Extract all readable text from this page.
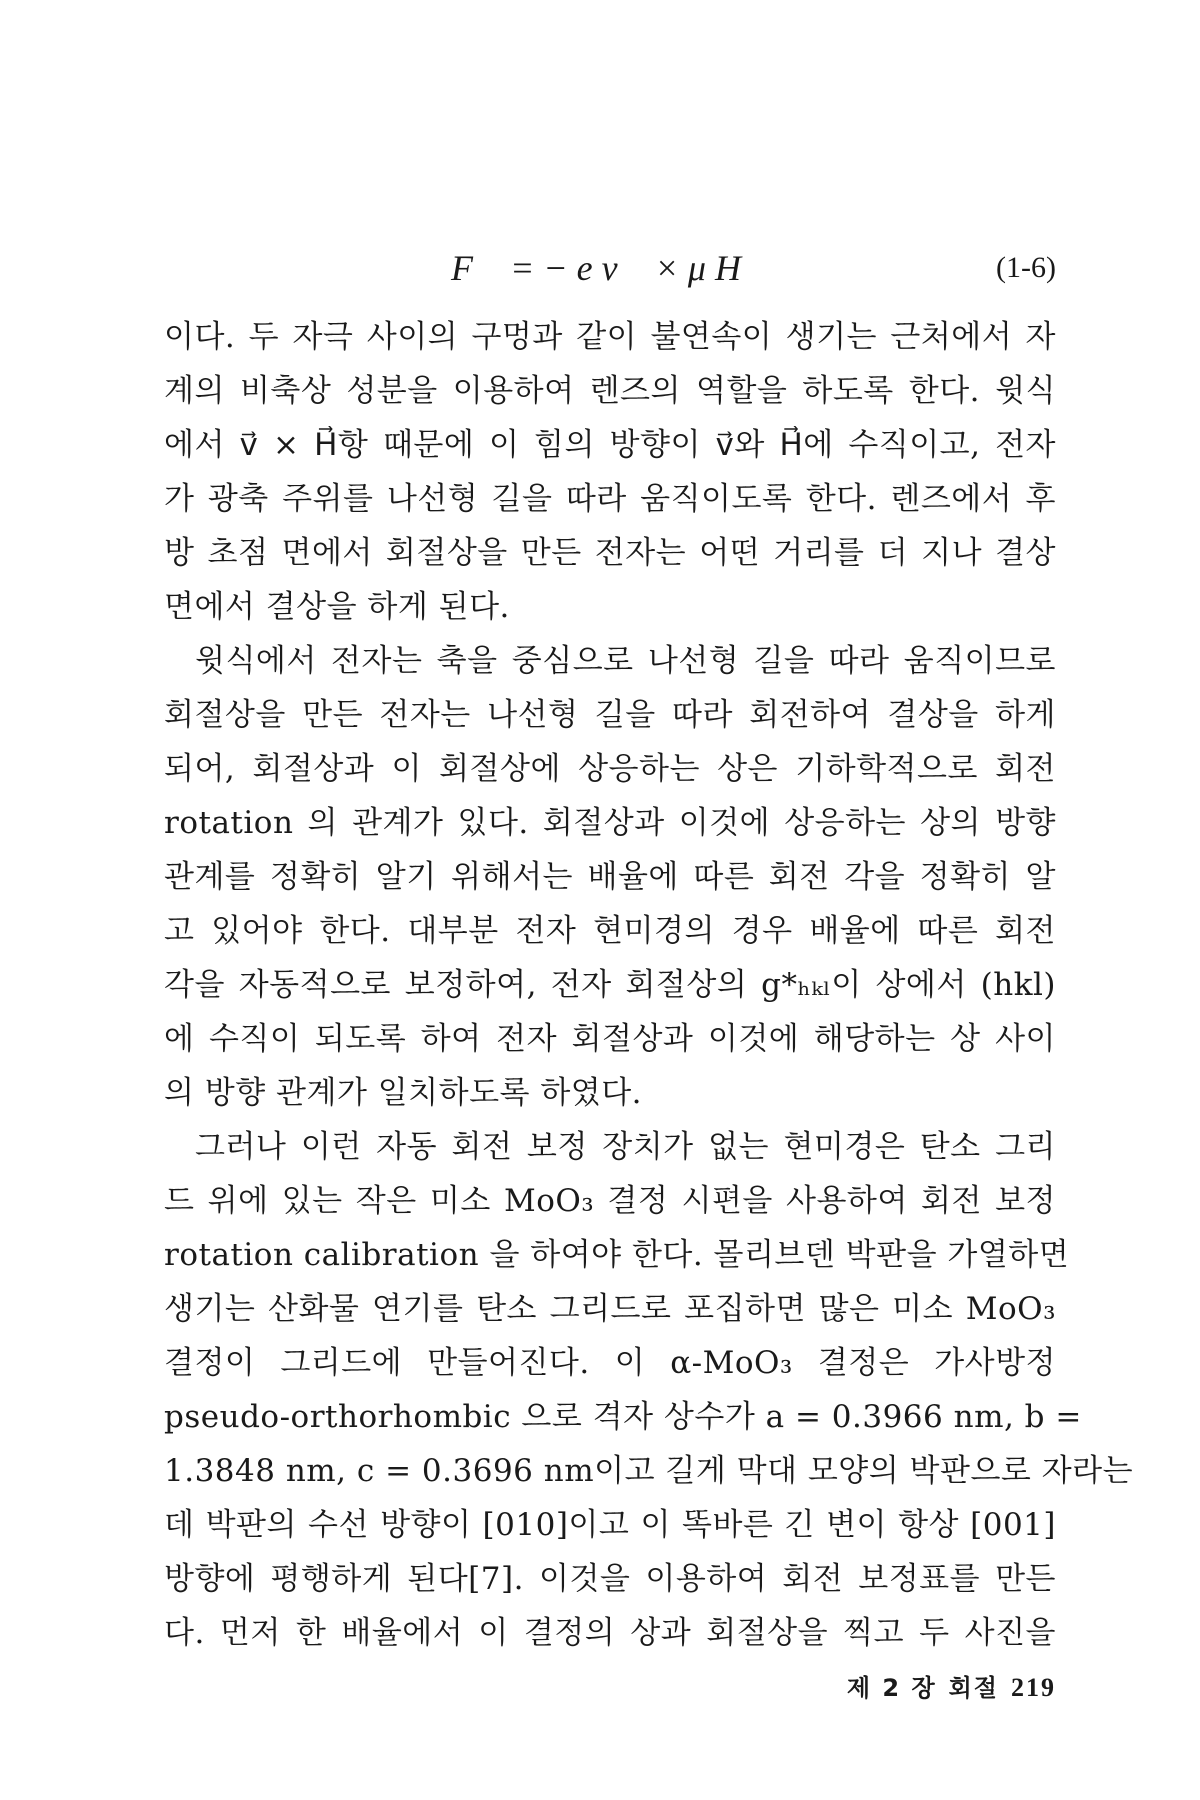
F⃗ = − e v⃗ × μ H⃗	(1-6)
이다. 두 자극 사이의 구멍과 같이 불연속이 생기는 근처에서 자
계의 비축상 성분을 이용하여 렌즈의 역할을 하도록 한다. 윗식
에서 v⃗ × H⃗항 때문에 이 힘의 방향이 v⃗와 H⃗에 수직이고, 전자
가 광축 주위를 나선형 길을 따라 움직이도록 한다. 렌즈에서 후
방 초점 면에서 회절상을 만든 전자는 어떤 거리를 더 지나 결상
면에서 결상을 하게 된다.
윗식에서 전자는 축을 중심으로 나선형 길을 따라 움직이므로
회절상을 만든 전자는 나선형 길을 따라 회전하여 결상을 하게
되어, 회절상과 이 회절상에 상응하는 상은 기하학적으로 회전
rotation 의 관계가 있다. 회절상과 이것에 상응하는 상의 방향
관계를 정확히 알기 위해서는 배율에 따른 회전 각을 정확히 알
고 있어야 한다. 대부분 전자 현미경의 경우 배율에 따른 회전
각을 자동적으로 보정하여, 전자 회절상의 g*ₕₖₗ이 상에서 (hkl)
에 수직이 되도록 하여 전자 회절상과 이것에 해당하는 상 사이
의 방향 관계가 일치하도록 하였다.
그러나 이런 자동 회전 보정 장치가 없는 현미경은 탄소 그리
드 위에 있는 작은 미소 MoO₃ 결정 시편을 사용하여 회전 보정
rotation calibration 을 하여야 한다. 몰리브덴 박판을 가열하면
생기는 산화물 연기를 탄소 그리드로 포집하면 많은 미소 MoO₃
결정이 그리드에 만들어진다. 이 α-MoO₃ 결정은 가사방정
pseudo-orthorhombic 으로 격자 상수가 a = 0.3966 nm, b =
1.3848 nm, c = 0.3696 nm이고 길게 막대 모양의 박판으로 자라는
데 박판의 수선 방향이 [010]이고 이 똑바른 긴 변이 항상 [001]
방향에 평행하게 된다[7]. 이것을 이용하여 회전 보정표를 만든
다. 먼저 한 배율에서 이 결정의 상과 회절상을 찍고 두 사진을
제 2 장 회절 219
